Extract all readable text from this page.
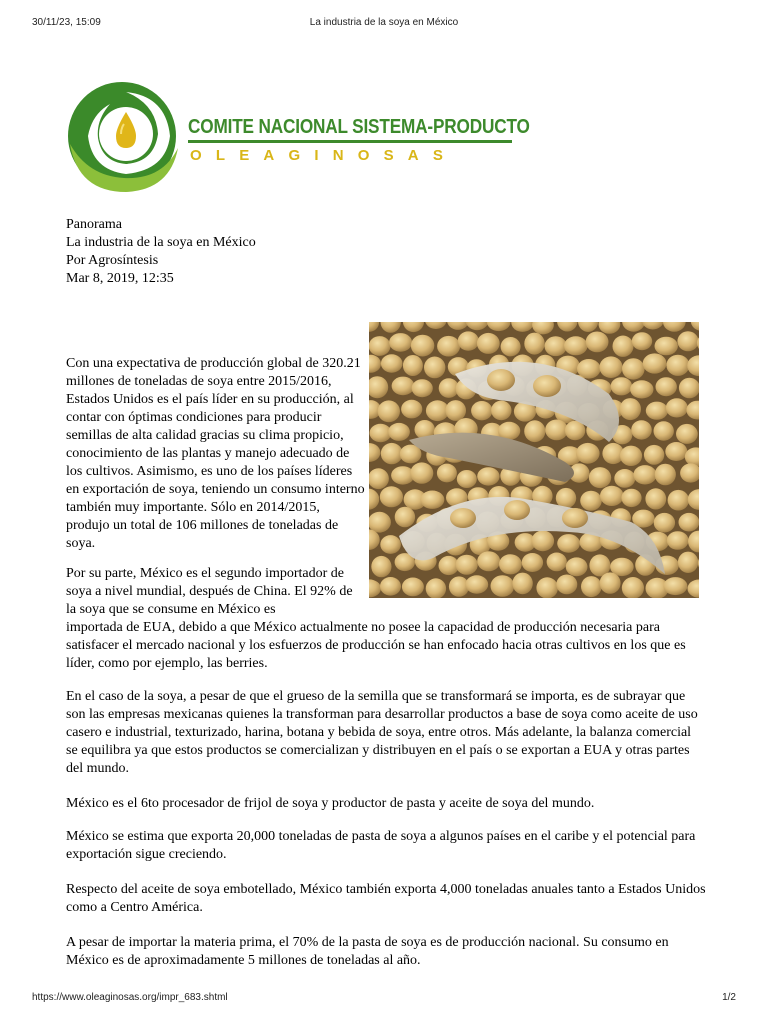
30/11/23, 15:09	La industria de la soya en México
COMITE NACIONAL SISTEMA-PRODUCTO
OLEAGINOSAS
Panorama
La industria de la soya en México
Por Agrosíntesis
Mar 8, 2019, 12:35

Con una expectativa de producción global de 320.21 millones de toneladas de soya entre 2015/2016, Estados Unidos es el país líder en su producción, al contar con óptimas condiciones para producir semillas de alta calidad gracias su clima propicio, conocimiento de las plantas y manejo adecuado de los cultivos. Asimismo, es uno de los países líderes en exportación de soya, teniendo un consumo interno también muy importante. Sólo en 2014/2015, produjo un total de 106 millones de toneladas de soya.

Por su parte, México es el segundo importador de soya a nivel mundial, después de China. El 92% de la soya que se consume en México es

importada de EUA, debido a que México actualmente no posee la capacidad de producción necesaria para satisfacer el mercado nacional y los esfuerzos de producción se han enfocado hacia otras cultivos en los que es líder, como por ejemplo, las berries.

En el caso de la soya, a pesar de que el grueso de la semilla que se transformará se importa, es de subrayar que son las empresas mexicanas quienes la transforman para desarrollar productos a base de soya como aceite de uso casero e industrial, texturizado, harina, botana y bebida de soya, entre otros. Más adelante, la balanza comercial se equilibra ya que estos productos se comercializan y distribuyen en el país o se exportan a EUA y otras partes del mundo.

México es el 6to procesador de frijol de soya y productor de pasta y aceite de soya del mundo.

México se estima que exporta 20,000 toneladas de pasta de soya a algunos países en el caribe y el potencial para exportación sigue creciendo.

Respecto del aceite de soya embotellado, México también exporta 4,000 toneladas anuales tanto a Estados Unidos como a Centro América.

A pesar de importar la materia prima, el 70% de la pasta de soya es de producción nacional. Su consumo en México es de aproximadamente 5 millones de toneladas al año.

https://www.oleaginosas.org/impr_683.shtml	1/2
